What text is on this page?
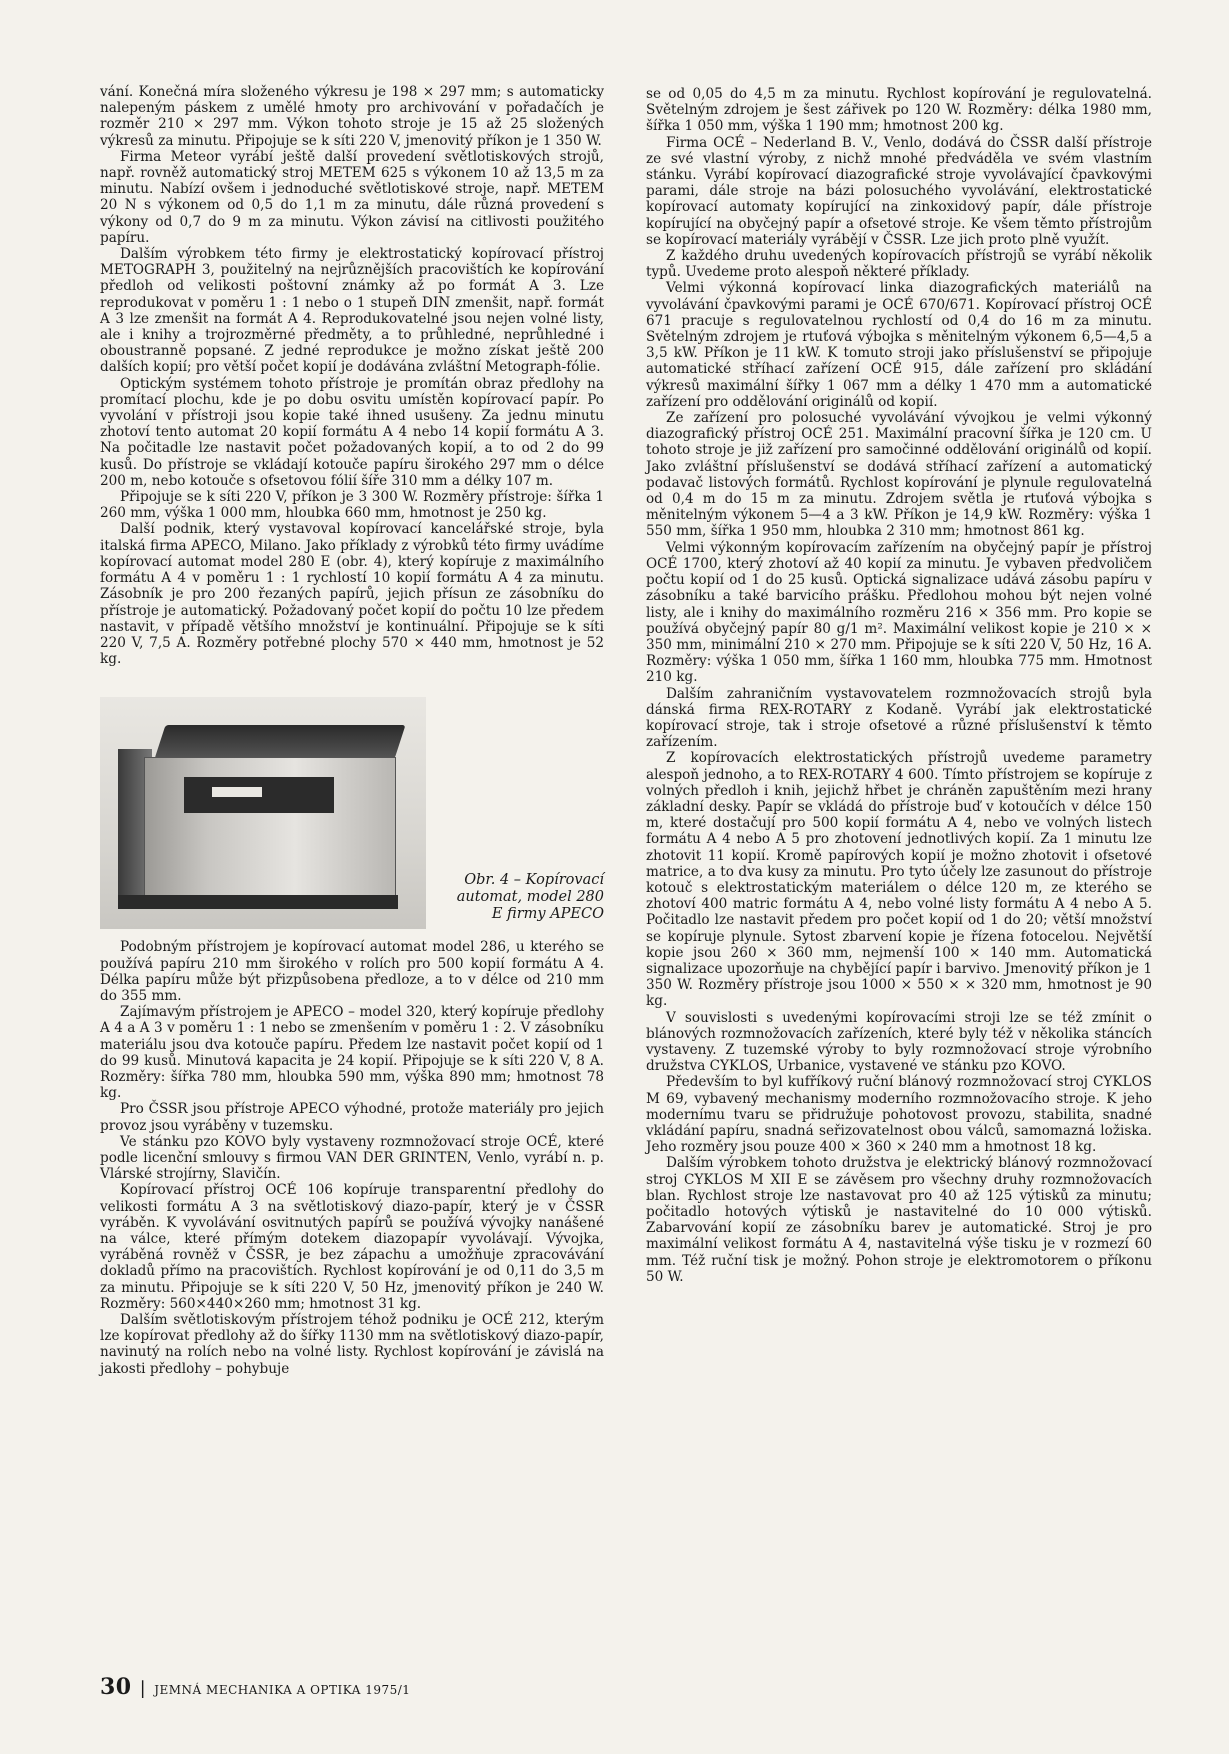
vání. Konečná míra složeného výkresu je 198 × 297 mm; s automaticky nalepeným páskem z umělé hmoty pro archivování v pořadačích je rozměr 210 × 297 mm. Výkon tohoto stroje je 15 až 25 složených výkresů za minutu. Připojuje se k síti 220 V, jmenovitý příkon je 1 350 W.

Firma Meteor vyrábí ještě další provedení světlotiskových strojů, např. rovněž automatický stroj METEM 625 s výkonem 10 až 13,5 m za minutu. Nabízí ovšem i jednoduché světlotiskové stroje, např. METEM 20 N s výkonem od 0,5 do 1,1 m za minutu, dále různá provedení s výkony od 0,7 do 9 m za minutu. Výkon závisí na citlivosti použitého papíru.

Dalším výrobkem této firmy je elektrostatický kopírovací přístroj METOGRAPH 3, použitelný na nejrůznějších pracovištích ke kopírování předloh od velikosti poštovní známky až po formát A 3. Lze reprodukovat v poměru 1 : 1 nebo o 1 stupeň DIN zmenšit, např. formát A 3 lze zmenšit na formát A 4. Reprodukovatelné jsou nejen volné listy, ale i knihy a trojrozměrné předměty, a to průhledné, neprůhledné i oboustranně popsané. Z jedné reprodukce je možno získat ještě 200 dalších kopií; pro větší počet kopií je dodávána zvláštní Metograph-fólie.

Optickým systémem tohoto přístroje je promítán obraz předlohy na promítací plochu, kde je po dobu osvitu umístěn kopírovací papír. Po vyvolání v přístroji jsou kopie také ihned usušeny. Za jednu minutu zhotoví tento automat 20 kopií formátu A 4 nebo 14 kopií formátu A 3. Na počitadle lze nastavit počet požadovaných kopií, a to od 2 do 99 kusů. Do přístroje se vkládají kotouče papíru širokého 297 mm o délce 200 m, nebo kotouče s ofsetovou fólií šíře 310 mm a délky 107 m.

Připojuje se k síti 220 V, příkon je 3 300 W. Rozměry přístroje: šířka 1 260 mm, výška 1 000 mm, hloubka 660 mm, hmotnost je 250 kg.

Další podnik, který vystavoval kopírovací kancelářské stroje, byla italská firma APECO, Milano. Jako příklady z výrobků této firmy uvádíme kopírovací automat model 280 E (obr. 4), který kopíruje z maximálního formátu A 4 v poměru 1 : 1 rychlostí 10 kopií formátu A 4 za minutu. Zásobník je pro 200 řezaných papírů, jejich přísun ze zásobníku do přístroje je automatický. Požadovaný počet kopií do počtu 10 lze předem nastavit, v případě většího množství je kontinuální. Připojuje se k síti 220 V, 7,5 A. Rozměry potřebné plochy 570 × 440 mm, hmotnost je 52 kg.

Obr. 4 – Kopírovací automat, model 280 E firmy APECO

Podobným přístrojem je kopírovací automat model 286, u kterého se používá papíru 210 mm širokého v rolích pro 500 kopií formátu A 4. Délka papíru může být přizpůsobena předloze, a to v délce od 210 mm do 355 mm.

Zajímavým přístrojem je APECO – model 320, který kopíruje předlohy A 4 a A 3 v poměru 1 : 1 nebo se zmenšením v poměru 1 : 2. V zásobníku materiálu jsou dva kotouče papíru. Předem lze nastavit počet kopií od 1 do 99 kusů. Minutová kapacita je 24 kopií. Připojuje se k síti 220 V, 8 A. Rozměry: šířka 780 mm, hloubka 590 mm, výška 890 mm; hmotnost 78 kg.

Pro ČSSR jsou přístroje APECO výhodné, protože materiály pro jejich provoz jsou vyráběny v tuzemsku.

Ve stánku pzo KOVO byly vystaveny rozmnožovací stroje OCÉ, které podle licenční smlouvy s firmou VAN DER GRINTEN, Venlo, vyrábí n. p. Vlárské strojírny, Slavičín.

Kopírovací přístroj OCÉ 106 kopíruje transparentní předlohy do velikosti formátu A 3 na světlotiskový diazo-papír, který je v ČSSR vyráběn. K vyvolávání osvitnutých papírů se používá vývojky nanášené na válce, které přímým dotekem diazopapír vyvolávají. Vývojka, vyráběná rovněž v ČSSR, je bez zápachu a umožňuje zpracovávání dokladů přímo na pracovištích. Rychlost kopírování je od 0,11 do 3,5 m za minutu. Připojuje se k síti 220 V, 50 Hz, jmenovitý příkon je 240 W. Rozměry: 560×440×260 mm; hmotnost 31 kg.

Dalším světlotiskovým přístrojem téhož podniku je OCÉ 212, kterým lze kopírovat předlohy až do šířky 1130 mm na světlotiskový diazo-papír, navinutý na rolích nebo na volné listy. Rychlost kopírování je závislá na jakosti předlohy – pohybuje

se od 0,05 do 4,5 m za minutu. Rychlost kopírování je regulovatelná. Světelným zdrojem je šest zářivek po 120 W. Rozměry: délka 1980 mm, šířka 1 050 mm, výška 1 190 mm; hmotnost 200 kg.

Firma OCÉ – Nederland B. V., Venlo, dodává do ČSSR další přístroje ze své vlastní výroby, z nichž mnohé předváděla ve svém vlastním stánku. Vyrábí kopírovací diazografické stroje vyvolávající čpavkovými parami, dále stroje na bázi polosuchého vyvolávání, elektrostatické kopírovací automaty kopírující na zinkoxidový papír, dále přístroje kopírující na obyčejný papír a ofsetové stroje. Ke všem těmto přístrojům se kopírovací materiály vyrábějí v ČSSR. Lze jich proto plně využít.

Z každého druhu uvedených kopírovacích přístrojů se vyrábí několik typů. Uvedeme proto alespoň některé příklady.

Velmi výkonná kopírovací linka diazografických materiálů na vyvolávání čpavkovými parami je OCÉ 670/671. Kopírovací přístroj OCÉ 671 pracuje s regulovatelnou rychlostí od 0,4 do 16 m za minutu. Světelným zdrojem je rtuťová výbojka s měnitelným výkonem 6,5—4,5 a 3,5 kW. Příkon je 11 kW. K tomuto stroji jako příslušenství se připojuje automatické stříhací zařízení OCÉ 915, dále zařízení pro skládání výkresů maximální šířky 1 067 mm a délky 1 470 mm a automatické zařízení pro oddělování originálů od kopií.

Ze zařízení pro polosuché vyvolávání vývojkou je velmi výkonný diazografický přístroj OCÉ 251. Maximální pracovní šířka je 120 cm. U tohoto stroje je již zařízení pro samočinné oddělování originálů od kopií. Jako zvláštní příslušenství se dodává stříhací zařízení a automatický podavač listových formátů. Rychlost kopírování je plynule regulovatelná od 0,4 m do 15 m za minutu. Zdrojem světla je rtuťová výbojka s měnitelným výkonem 5—4 a 3 kW. Příkon je 14,9 kW. Rozměry: výška 1 550 mm, šířka 1 950 mm, hloubka 2 310 mm; hmotnost 861 kg.

Velmi výkonným kopírovacím zařízením na obyčejný papír je přístroj OCÉ 1700, který zhotoví až 40 kopií za minutu. Je vybaven předvoličem počtu kopií od 1 do 25 kusů. Optická signalizace udává zásobu papíru v zásobníku a také barvicího prášku. Předlohou mohou být nejen volné listy, ale i knihy do maximálního rozměru 216 × 356 mm. Pro kopie se používá obyčejný papír 80 g/1 m². Maximální velikost kopie je 210 × × 350 mm, minimální 210 × 270 mm. Připojuje se k síti 220 V, 50 Hz, 16 A. Rozměry: výška 1 050 mm, šířka 1 160 mm, hloubka 775 mm. Hmotnost 210 kg.

Dalším zahraničním vystavovatelem rozmnožovacích strojů byla dánská firma REX-ROTARY z Kodaně. Vyrábí jak elektrostatické kopírovací stroje, tak i stroje ofsetové a různé příslušenství k těmto zařízením.

Z kopírovacích elektrostatických přístrojů uvedeme parametry alespoň jednoho, a to REX-ROTARY 4 600. Tímto přístrojem se kopíruje z volných předloh i knih, jejichž hřbet je chráněn zapuštěním mezi hrany základní desky. Papír se vkládá do přístroje buď v kotoučích v délce 150 m, které dostačují pro 500 kopií formátu A 4, nebo ve volných listech formátu A 4 nebo A 5 pro zhotovení jednotlivých kopií. Za 1 minutu lze zhotovit 11 kopií. Kromě papírových kopií je možno zhotovit i ofsetové matrice, a to dva kusy za minutu. Pro tyto účely lze zasunout do přístroje kotouč s elektrostatickým materiálem o délce 120 m, ze kterého se zhotoví 400 matric formátu A 4, nebo volné listy formátu A 4 nebo A 5. Počitadlo lze nastavit předem pro počet kopií od 1 do 20; větší množství se kopíruje plynule. Sytost zbarvení kopie je řízena fotocelou. Největší kopie jsou 260 × 360 mm, nejmenší 100 × 140 mm. Automatická signalizace upozorňuje na chybějící papír i barvivo. Jmenovitý příkon je 1 350 W. Rozměry přístroje jsou 1000 × 550 × × 320 mm, hmotnost je 90 kg.

V souvislosti s uvedenými kopírovacími stroji lze se též zmínit o blánových rozmnožovacích zařízeních, které byly též v několika stáncích vystaveny. Z tuzemské výroby to byly rozmnožovací stroje výrobního družstva CYKLOS, Urbanice, vystavené ve stánku pzo KOVO.

Především to byl kufříkový ruční blánový rozmnožovací stroj CYKLOS M 69, vybavený mechanismy moderního rozmnožovacího stroje. K jeho modernímu tvaru se přidružuje pohotovost provozu, stabilita, snadné vkládání papíru, snadná seřizovatelnost obou válců, samomazná ložiska. Jeho rozměry jsou pouze 400 × 360 × 240 mm a hmotnost 18 kg.

Dalším výrobkem tohoto družstva je elektrický blánový rozmnožovací stroj CYKLOS M XII E se závěsem pro všechny druhy rozmnožovacích blan. Rychlost stroje lze nastavovat pro 40 až 125 výtisků za minutu; počitadlo hotových výtisků je nastavitelné do 10 000 výtisků. Zabarvování kopií ze zásobníku barev je automatické. Stroj je pro maximální velikost formátu A 4, nastavitelná výše tisku je v rozmezí 60 mm. Též ruční tisk je možný. Pohon stroje je elektromotorem o příkonu 50 W.

30 | JEMNÁ MECHANIKA A OPTIKA 1975/1
